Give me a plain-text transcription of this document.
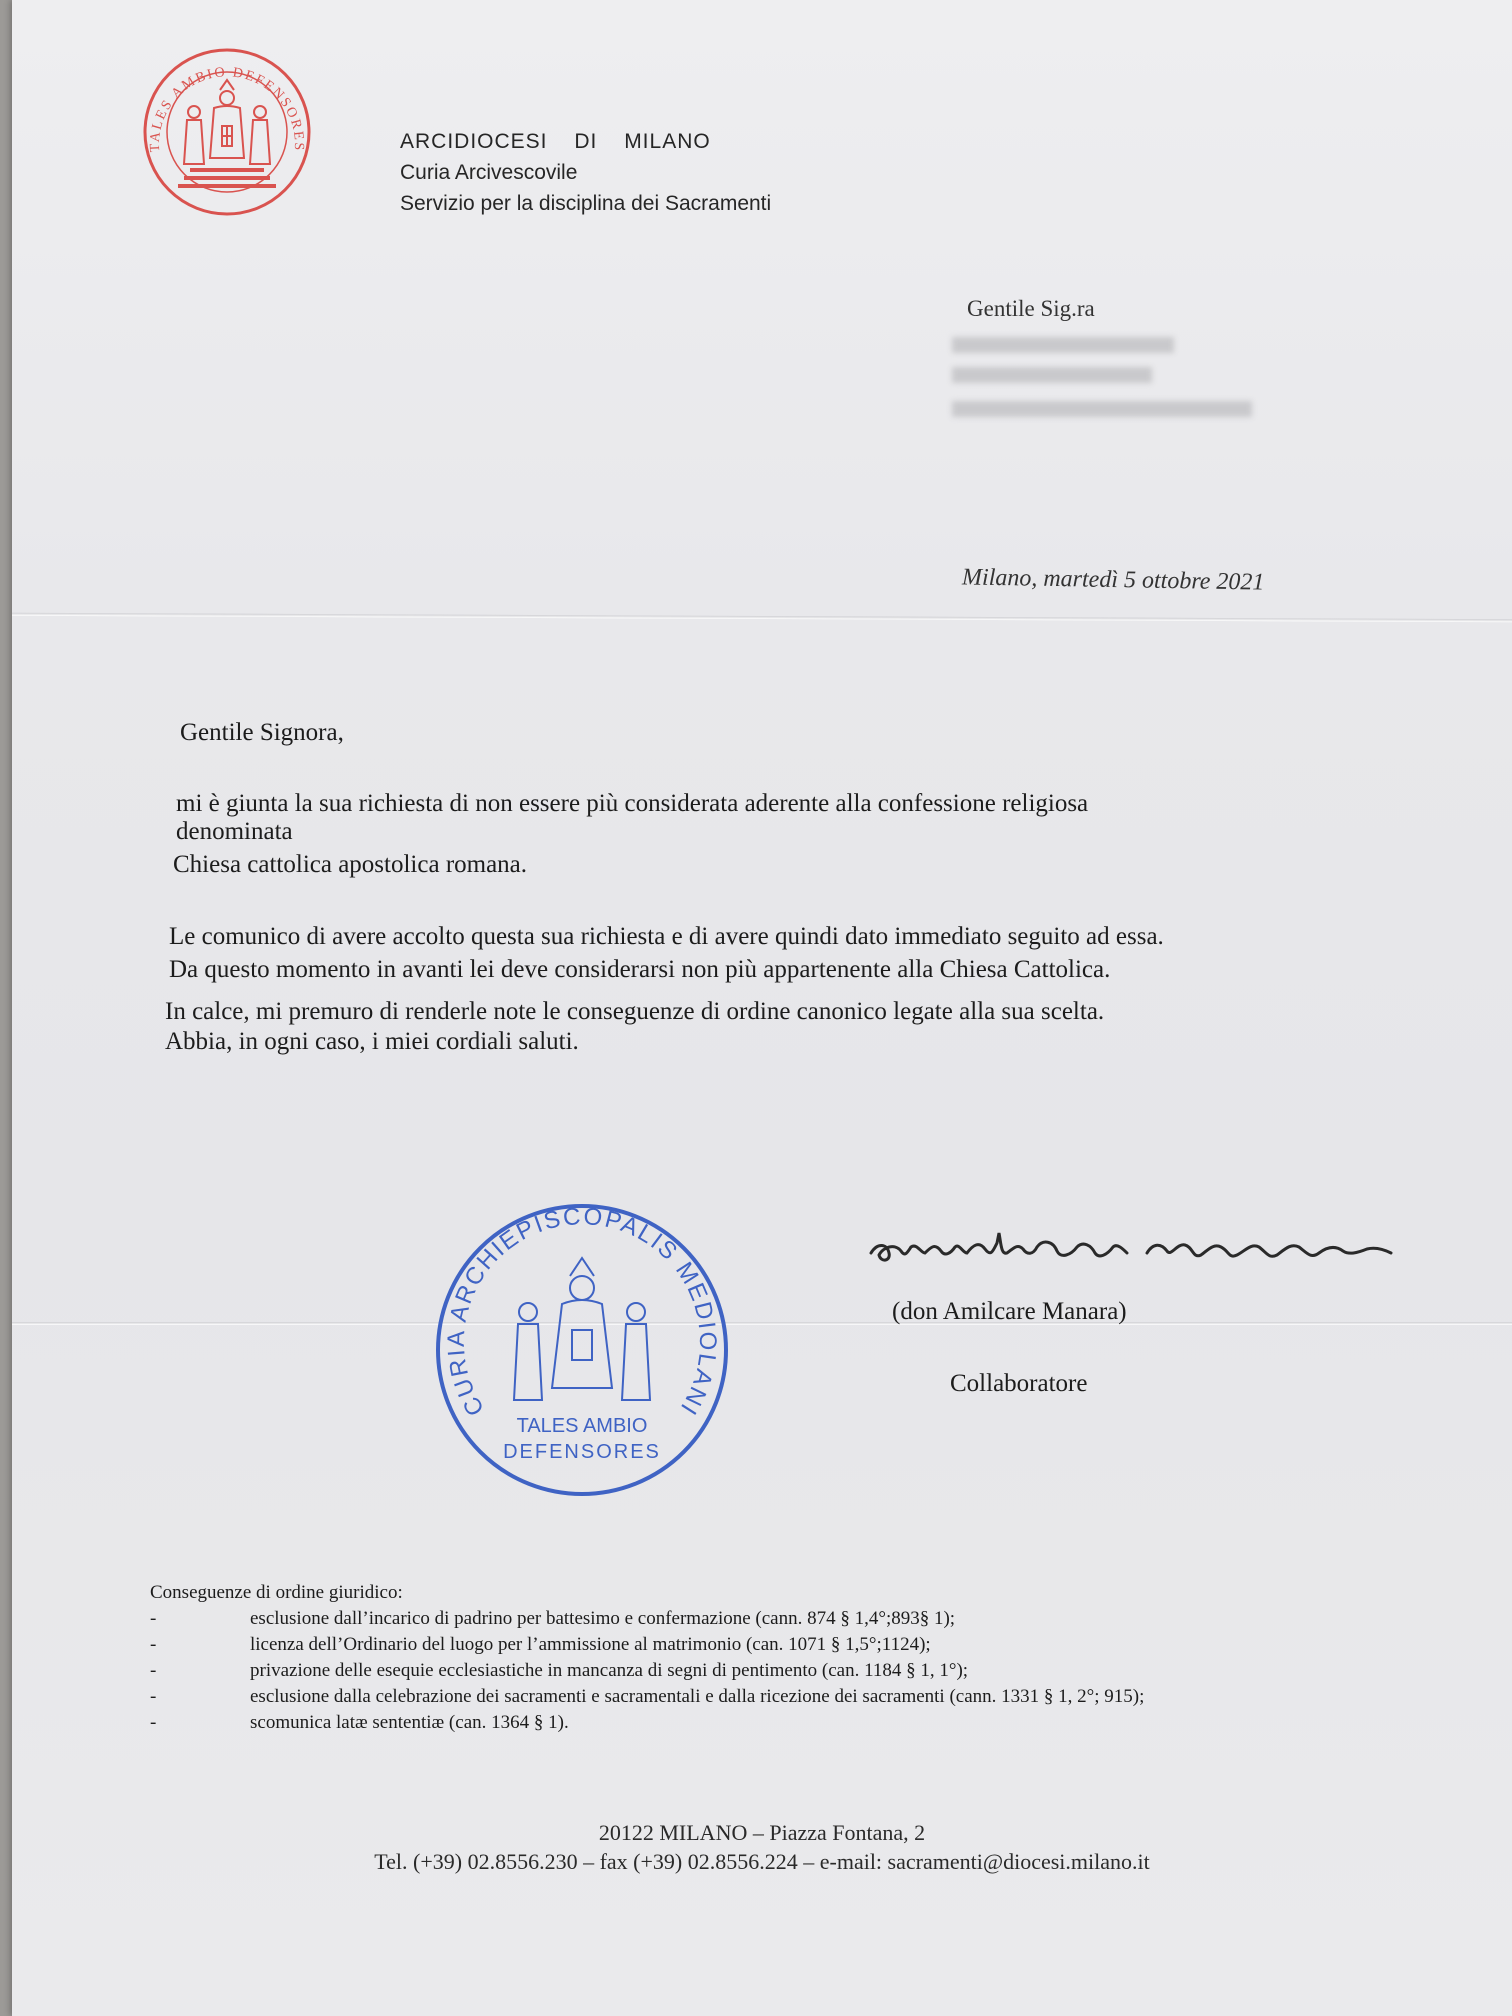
TALES AMBIO DEFENSORES	ARCIDIOCESI DI MILANO
Curia Arcivescovile
Servizio per la disciplina dei Sacramenti
Gentile Sig.ra
Milano, martedì 5 ottobre 2021
Gentile Signora,
mi è giunta la sua richiesta di non essere più considerata aderente alla confessione religiosa
denominata
Chiesa cattolica apostolica romana.
Le comunico di avere accolto questa sua richiesta e di avere quindi dato immediato seguito ad essa.
Da questo momento in avanti lei deve considerarsi non più appartenente alla Chiesa Cattolica.
In calce, mi premuro di renderle note le conseguenze di ordine canonico legate alla sua scelta.
Abbia, in ogni caso, i miei cordiali saluti.
(don Amilcare Manara)
Collaboratore
CURIA ARCHIEPISCOPALIS MEDIOLANI
TALES AMBIO
DEFENSORES
Conseguenze di ordine giuridico:
-	esclusione dall’incarico di padrino per battesimo e confermazione (cann. 874 § 1,4°;893§ 1);
-	licenza dell’Ordinario del luogo per l’ammissione al matrimonio (can. 1071 § 1,5°;1124);
-	privazione delle esequie ecclesiastiche in mancanza di segni di pentimento (can. 1184 § 1, 1°);
-	esclusione dalla celebrazione dei sacramenti e sacramentali e dalla ricezione dei sacramenti (cann. 1331 § 1, 2°; 915);
-	scomunica latæ sententiæ (can. 1364 § 1).
20122 MILANO – Piazza Fontana, 2
Tel. (+39) 02.8556.230 – fax (+39) 02.8556.224 – e-mail: sacramenti@diocesi.milano.it
